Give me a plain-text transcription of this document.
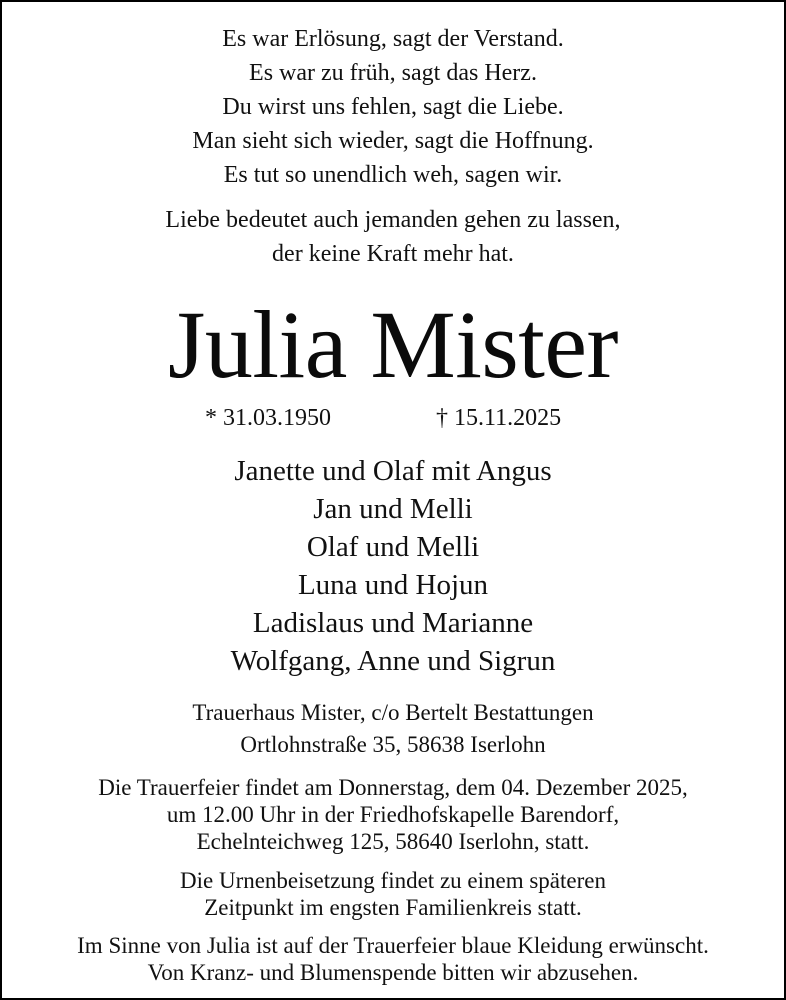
Es war Erlösung, sagt der Verstand.
Es war zu früh, sagt das Herz.
Du wirst uns fehlen, sagt die Liebe.
Man sieht sich wieder, sagt die Hoffnung.
Es tut so unendlich weh, sagen wir.
Liebe bedeutet auch jemanden gehen zu lassen,
der keine Kraft mehr hat.
Julia Mister
* 31.03.1950	† 15.11.2025
Janette und Olaf mit Angus
Jan und Melli
Olaf und Melli
Luna und Hojun
Ladislaus und Marianne
Wolfgang, Anne und Sigrun
Trauerhaus Mister, c/o Bertelt Bestattungen
Ortlohnstraße 35, 58638 Iserlohn
Die Trauerfeier findet am Donnerstag, dem 04. Dezember 2025,
um 12.00 Uhr in der Friedhofskapelle Barendorf,
Echelnteichweg 125, 58640 Iserlohn, statt.
Die Urnenbeisetzung findet zu einem späteren
Zeitpunkt im engsten Familienkreis statt.
Im Sinne von Julia ist auf der Trauerfeier blaue Kleidung erwünscht.
Von Kranz- und Blumenspende bitten wir abzusehen.
